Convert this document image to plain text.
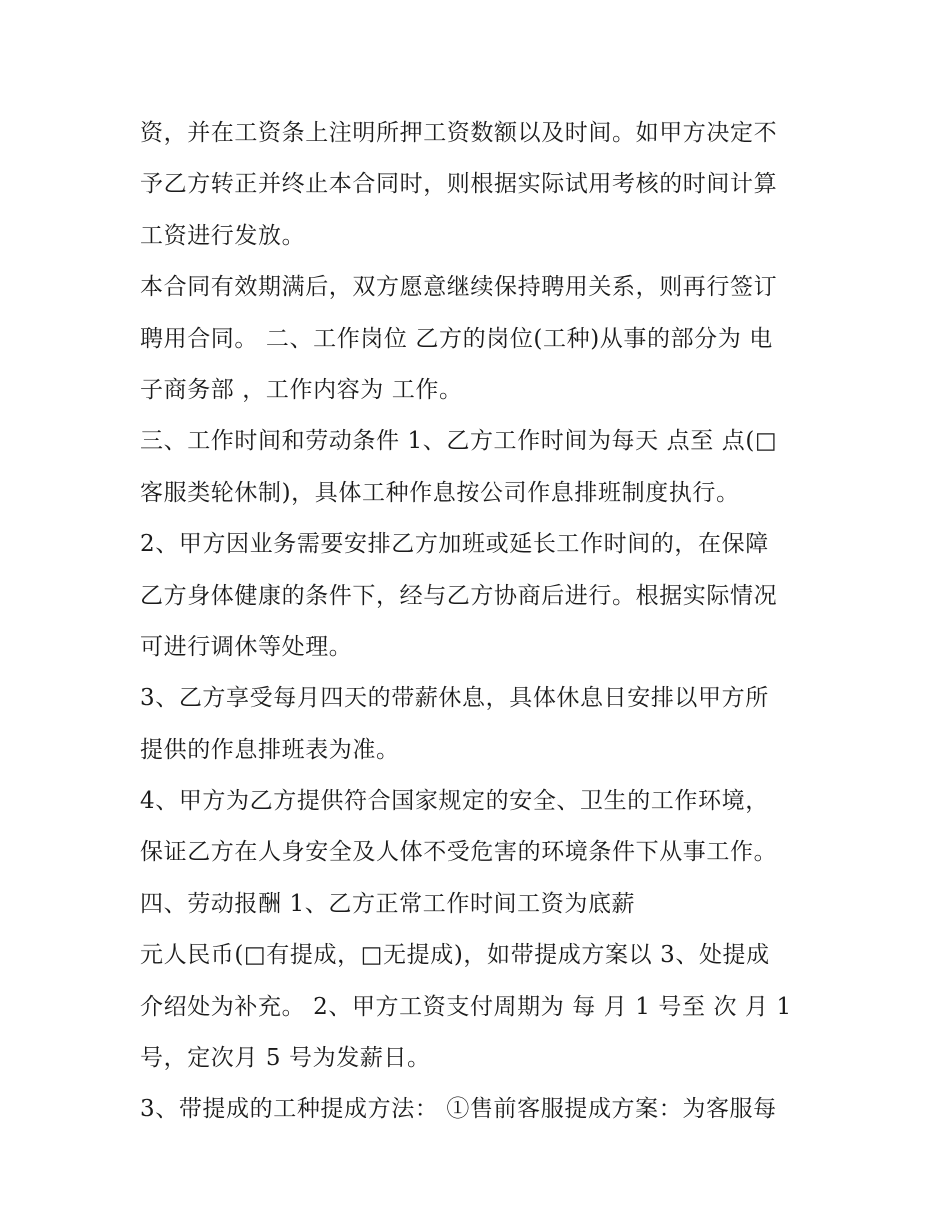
资，并在工资条上注明所押工资数额以及时间。如甲方决定不
予乙方转正并终止本合同时，则根据实际试用考核的时间计算
工资进行发放。
本合同有效期满后，双方愿意继续保持聘用关系，则再行签订
聘用合同。 二、工作岗位 乙方的岗位(工种)从事的部分为 电
子商务部 ，工作内容为 工作。
三、工作时间和劳动条件 1、乙方工作时间为每天 点至 点(□
客服类轮休制)，具体工种作息按公司作息排班制度执行。
2、甲方因业务需要安排乙方加班或延长工作时间的，在保障
乙方身体健康的条件下，经与乙方协商后进行。根据实际情况
可进行调休等处理。
3、乙方享受每月四天的带薪休息，具体休息日安排以甲方所
提供的作息排班表为准。
4、甲方为乙方提供符合国家规定的安全、卫生的工作环境，
保证乙方在人身安全及人体不受危害的环境条件下从事工作。
四、劳动报酬 1、乙方正常工作时间工资为底薪
元人民币(□有提成，□无提成)，如带提成方案以 3、处提成
介绍处为补充。 2、甲方工资支付周期为 每 月 1 号至 次 月 1
号，定次月 5 号为发薪日。
3、带提成的工种提成方法： ①售前客服提成方案：为客服每
